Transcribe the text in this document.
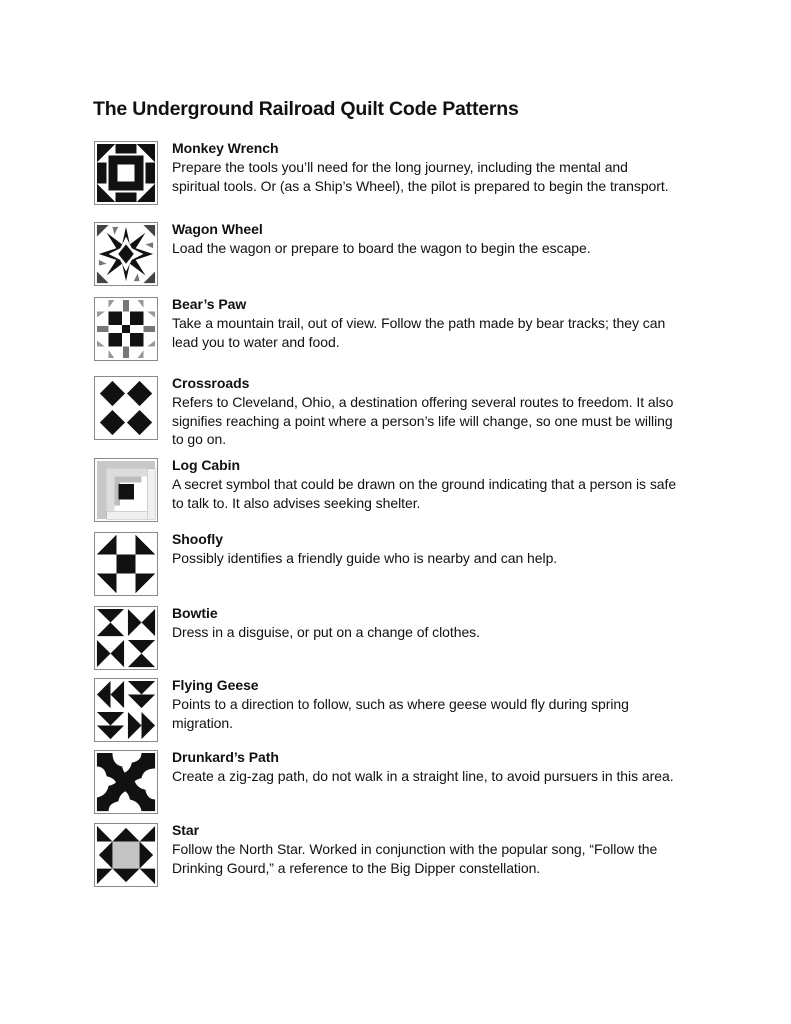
The Underground Railroad Quilt Code Patterns
Monkey Wrench
Prepare the tools you’ll need for the long journey, including the mental and spiritual tools. Or (as a Ship’s Wheel), the pilot is prepared to begin the transport.
Wagon Wheel
Load the wagon or prepare to board the wagon to begin the escape.
Bear’s Paw
Take a mountain trail, out of view. Follow the path made by bear tracks; they can lead you to water and food.
Crossroads
Refers to Cleveland, Ohio, a destination offering several routes to freedom. It also signifies reaching a point where a person’s life will change, so one must be willing to go on.
Log Cabin
A secret symbol that could be drawn on the ground indicating that a person is safe to talk to. It also advises seeking shelter.
Shoofly
Possibly identifies a friendly guide who is nearby and can help.
Bowtie
Dress in a disguise, or put on a change of clothes.
Flying Geese
Points to a direction to follow, such as where geese would fly during spring migration.
Drunkard’s Path
Create a zig-zag path, do not walk in a straight line, to avoid pursuers in this area.
Star
Follow the North Star. Worked in conjunction with the popular song, “Follow the Drinking Gourd,” a reference to the Big Dipper constellation.
